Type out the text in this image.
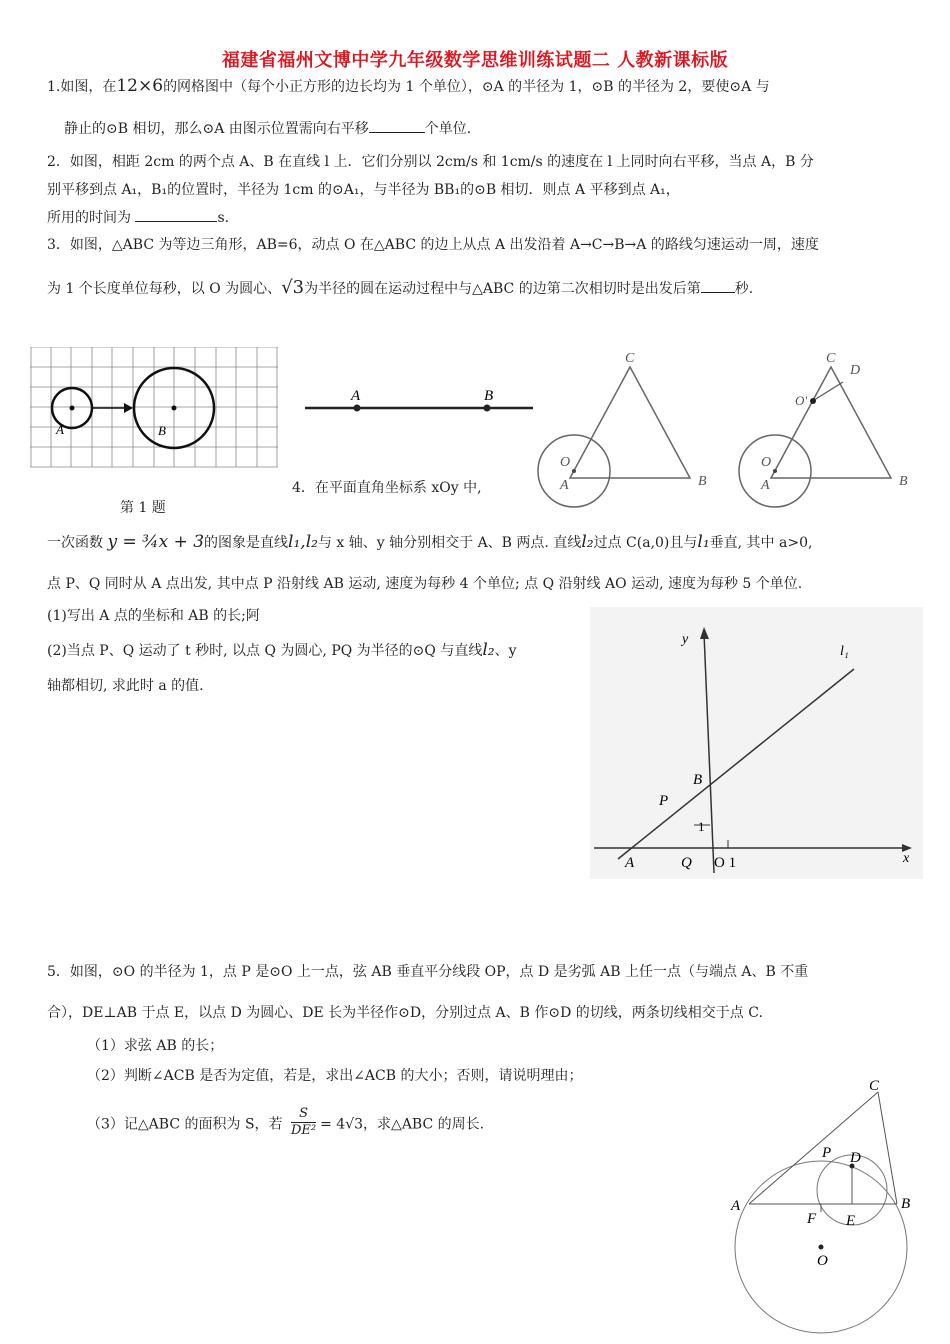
福建省福州文博中学九年级数学思维训练试题二 人教新课标版
1.如图，在12×6的网格图中（每个小正方形的边长均为 1 个单位），⊙A 的半径为 1，⊙B 的半径为 2，要使⊙A 与
静止的⊙B 相切，那么⊙A 由图示位置需向右平移	个单位.
2．如图，相距 2cm 的两个点 A、B 在直线 l 上．它们分别以 2cm/s 和 1cm/s 的速度在 l 上同时向右平移，当点 A，B 分
别平移到点 A₁，B₁的位置时，半径为 1cm 的⊙A₁，与半径为 BB₁的⊙B 相切．则点 A 平移到点 A₁，
所用的时间为	s.
3．如图，△ABC 为等边三角形，AB=6，动点 O 在△ABC 的边上从点 A 出发沿着 A→C→B→A 的路线匀速运动一周，速度
为 1 个长度单位每秒，以 O 为圆心、√3为半径的圆在运动过程中与△ABC 的边第二次相切时是出发后第 秒.
A	B
第 1 题
A	B
C
O
A	B
C
D
O'
O
A	B
4．在平面直角坐标系 xOy 中,
一次函数 y = ¾x + 3的图象是直线l₁,l₂与 x 轴、y 轴分别相交于 A、B 两点. 直线l₂过点 C(a,0)且与l₁垂直, 其中 a>0,
点 P、Q 同时从 A 点出发, 其中点 P 沿射线 AB 运动, 速度为每秒 4 个单位; 点 Q 沿射线 AO 运动, 速度为每秒 5 个单位.
(1)写出 A 点的坐标和 AB 的长;阿
(2)当点 P、Q 运动了 t 秒时, 以点 Q 为圆心, PQ 为半径的⊙Q 与直线l₂、y
轴都相切, 求此时 a 的值.
y
x
l₁
B
P
1
A	Q O 1
5．如图，⊙O 的半径为 1，点 P 是⊙O 上一点，弦 AB 垂直平分线段 OP，点 D 是劣弧 AB 上任一点（与端点 A、B 不重
合），DE⊥AB 于点 E，以点 D 为圆心、DE 长为半径作⊙D，分别过点 A、B 作⊙D 的切线，两条切线相交于点 C.
（1）求弦 AB 的长；
（2）判断∠ACB 是否为定值，若是，求出∠ACB 的大小；否则，请说明理由；
（3）记△ABC 的面积为 S，若 $\frac{S}{\text{DE²}} = 4√3$，求△ABC 的周长.
C
P D
A	B
F E
O
